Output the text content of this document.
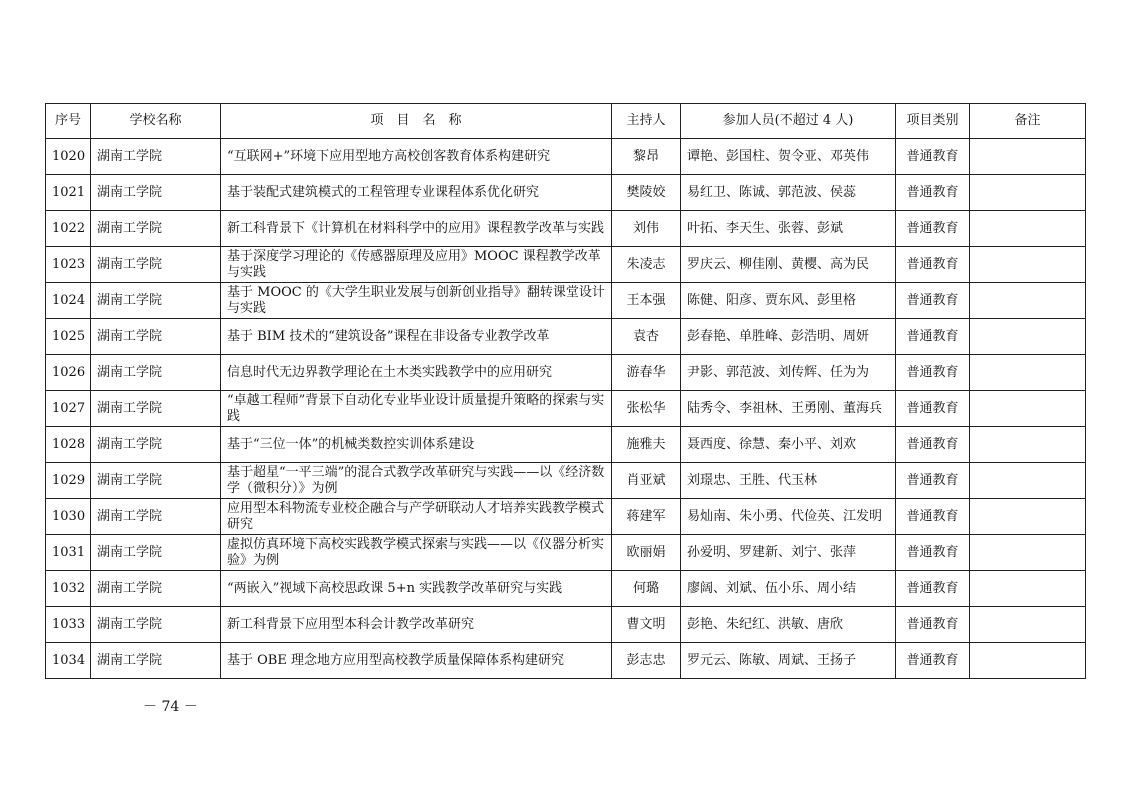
序号	学校名称	项　目　名　称	主持人	参加人员(不超过 4 人)	项目类别	备注
1020	湖南工学院	“互联网+”环境下应用型地方高校创客教育体系构建研究	黎昂	谭艳、彭国柱、贺令亚、邓英伟	普通教育	
1021	湖南工学院	基于装配式建筑模式的工程管理专业课程体系优化研究	樊陵姣	易红卫、陈诚、郭范波、侯蕊	普通教育	
1022	湖南工学院	新工科背景下《计算机在材料科学中的应用》课程教学改革与实践	刘伟	叶拓、李天生、张蓉、彭斌	普通教育	
1023	湖南工学院	基于深度学习理论的《传感器原理及应用》MOOC 课程教学改革与实践	朱凌志	罗庆云、柳佳刚、黄樱、高为民	普通教育	
1024	湖南工学院	基于 MOOC 的《大学生职业发展与创新创业指导》翻转课堂设计与实践	王本强	陈健、阳彦、贾东风、彭里格	普通教育	
1025	湖南工学院	基于 BIM 技术的“建筑设备”课程在非设备专业教学改革	袁杏	彭春艳、单胜峰、彭浩明、周妍	普通教育	
1026	湖南工学院	信息时代无边界教学理论在土木类实践教学中的应用研究	游春华	尹影、郭范波、刘传辉、任为为	普通教育	
1027	湖南工学院	“卓越工程师”背景下自动化专业毕业设计质量提升策略的探索与实践	张松华	陆秀令、李祖林、王勇刚、董海兵	普通教育	
1028	湖南工学院	基于“三位一体”的机械类数控实训体系建设	施雅夫	聂西度、徐慧、秦小平、刘欢	普通教育	
1029	湖南工学院	基于超星“一平三端”的混合式教学改革研究与实践——以《经济数学（微积分）》为例	肖亚斌	刘璟忠、王胜、代玉林	普通教育	
1030	湖南工学院	应用型本科物流专业校企融合与产学研联动人才培养实践教学模式研究	蒋建军	易灿南、朱小勇、代俭英、江发明	普通教育	
1031	湖南工学院	虚拟仿真环境下高校实践教学模式探索与实践——以《仪器分析实验》为例	欧丽娟	孙爱明、罗建新、刘宁、张萍	普通教育	
1032	湖南工学院	“两嵌入”视域下高校思政课 5+n 实践教学改革研究与实践	何璐	廖阔、刘斌、伍小乐、周小结	普通教育	
1033	湖南工学院	新工科背景下应用型本科会计教学改革研究	曹文明	彭艳、朱纪红、洪敏、唐欣	普通教育	
1034	湖南工学院	基于 OBE 理念地方应用型高校教学质量保障体系构建研究	彭志忠	罗元云、陈敏、周斌、王扬子	普通教育	
－ 74 －
